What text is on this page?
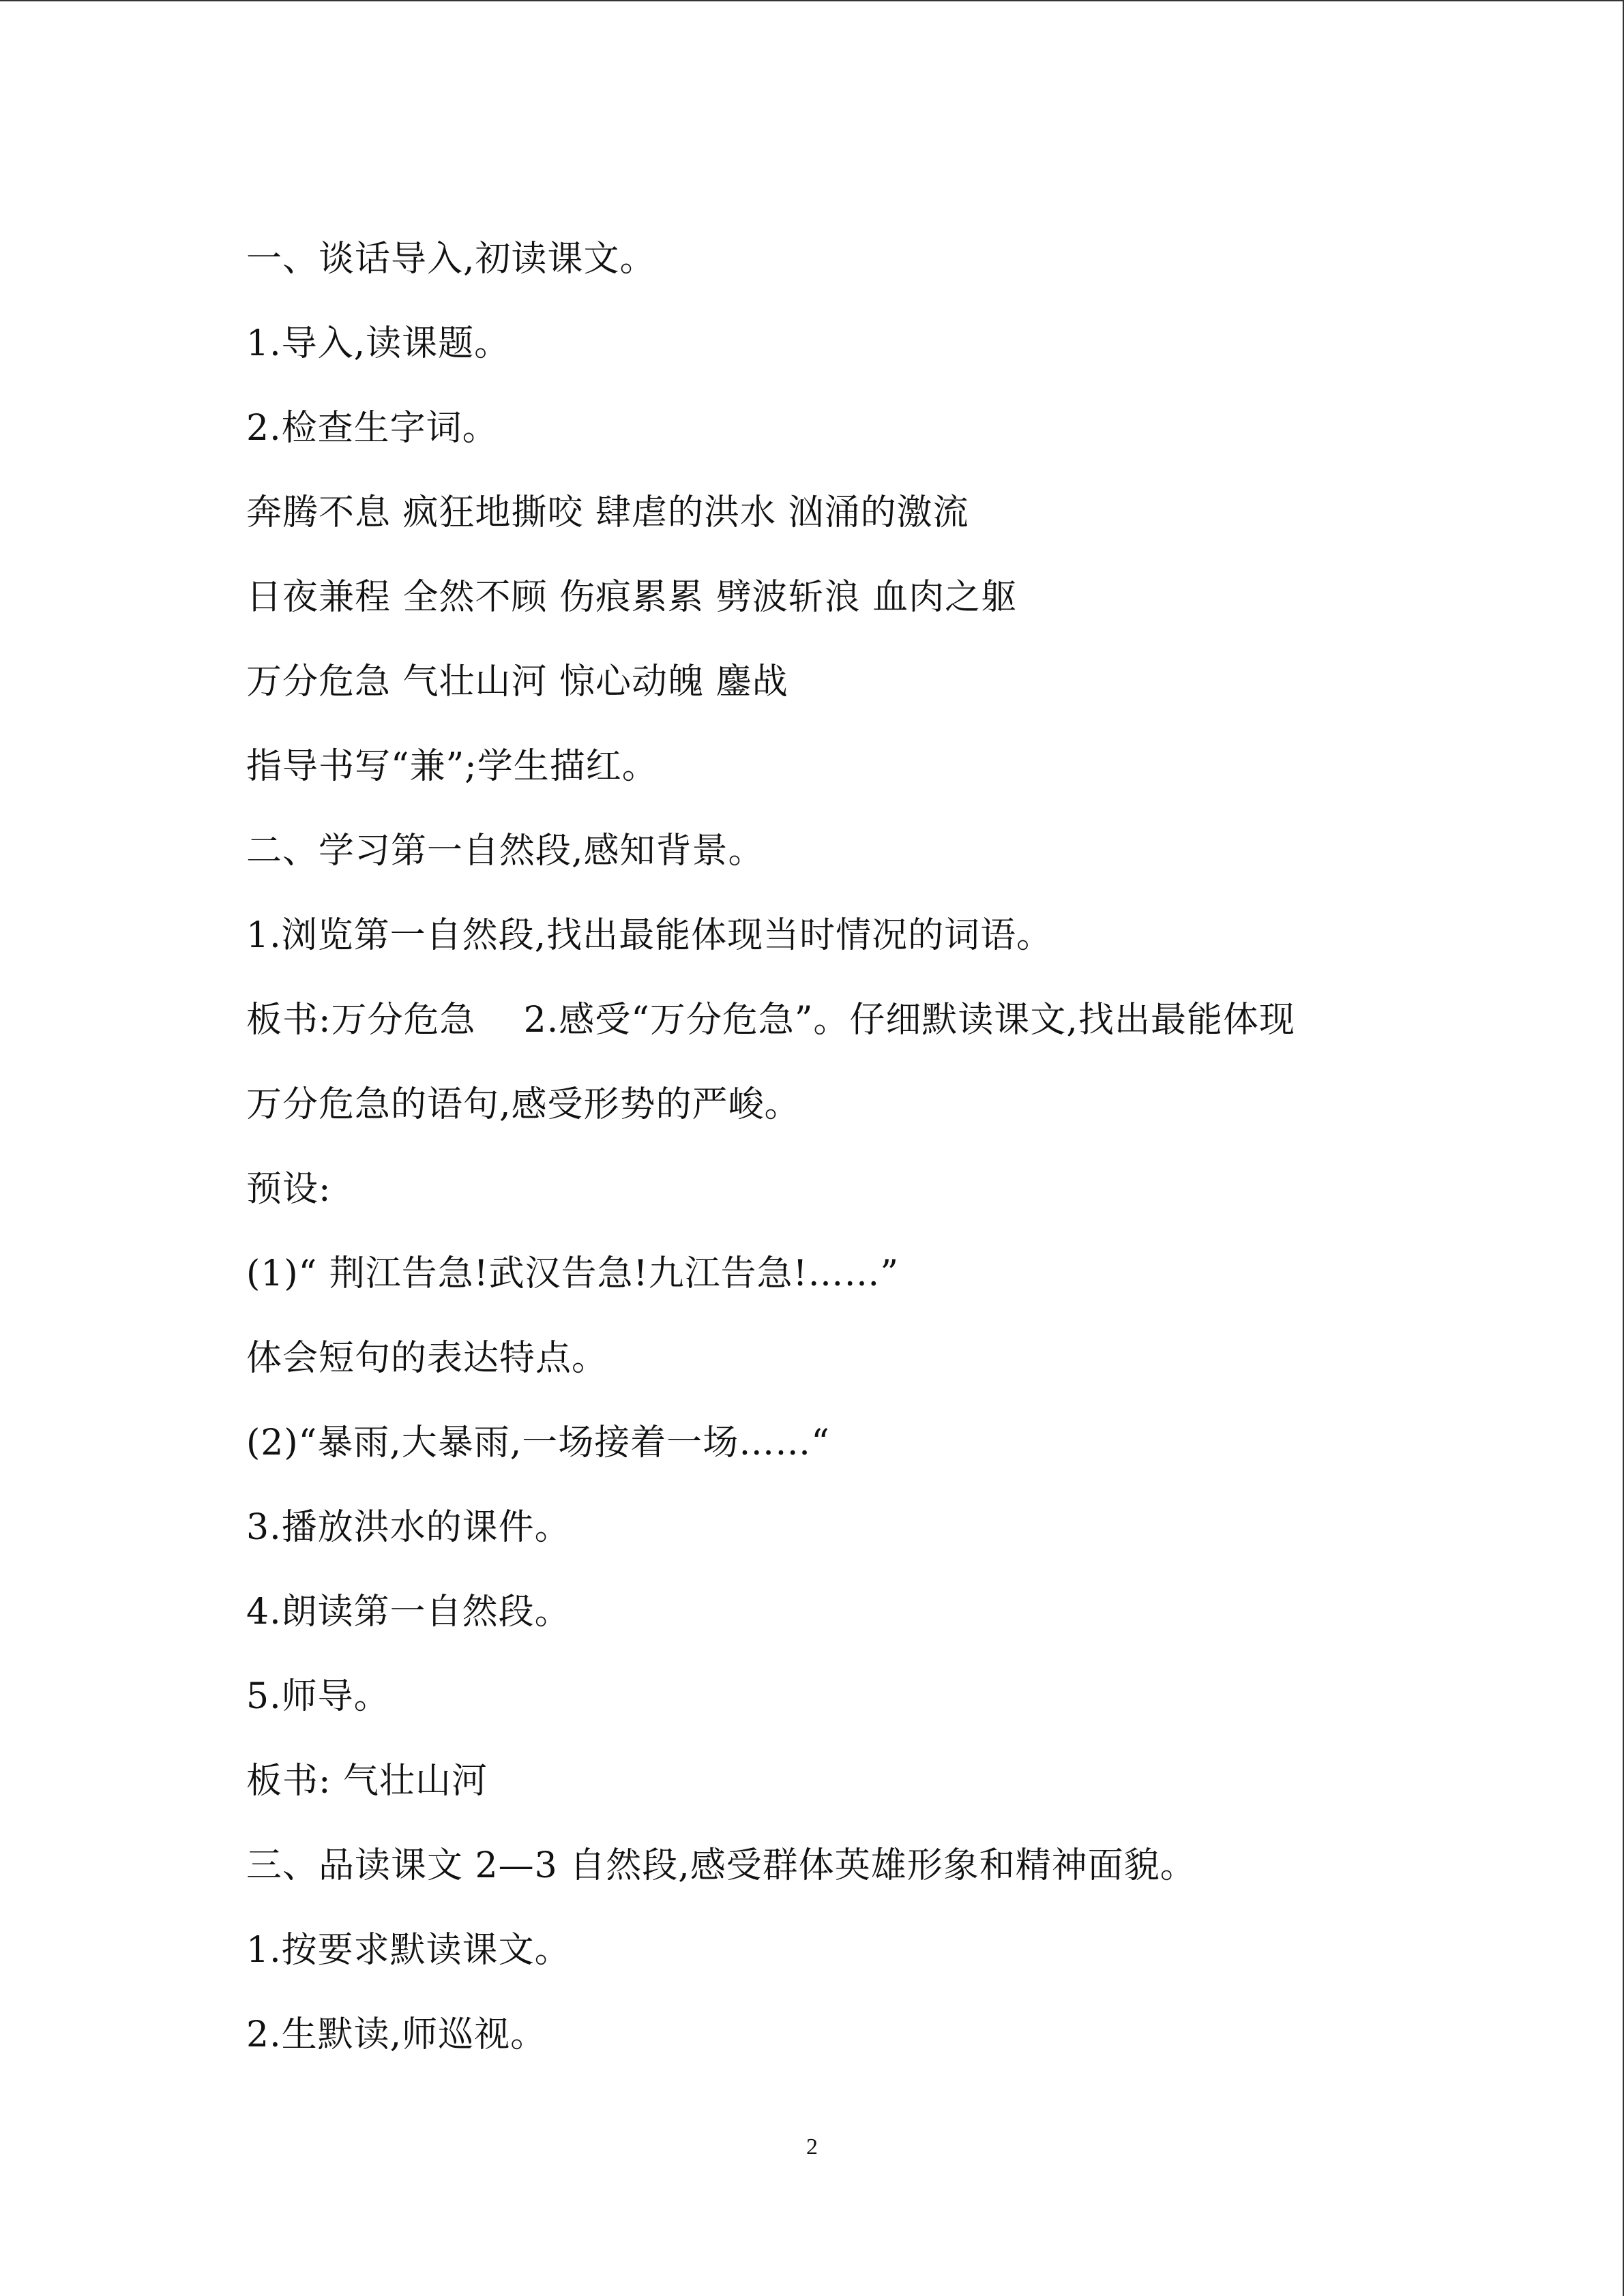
一、谈话导入,初读课文。
1.导入,读课题。
2.检查生字词。
奔腾不息 疯狂地撕咬 肆虐的洪水 汹涌的激流
日夜兼程 全然不顾 伤痕累累 劈波斩浪 血肉之躯
万分危急 气壮山河 惊心动魄 鏖战
指导书写“兼”;学生描红。
二、学习第一自然段,感知背景。
1.浏览第一自然段,找出最能体现当时情况的词语。
板书:万分危急    2.感受“万分危急”。仔细默读课文,找出最能体现
万分危急的语句,感受形势的严峻。
预设:
(1)“ 荆江告急!武汉告急!九江告急!……”
体会短句的表达特点。
(2)“暴雨,大暴雨,一场接着一场……“
3.播放洪水的课件。
4.朗读第一自然段。
5.师导。
板书: 气壮山河
三、品读课文 2—3 自然段,感受群体英雄形象和精神面貌。
1.按要求默读课文。
2.生默读,师巡视。
2
